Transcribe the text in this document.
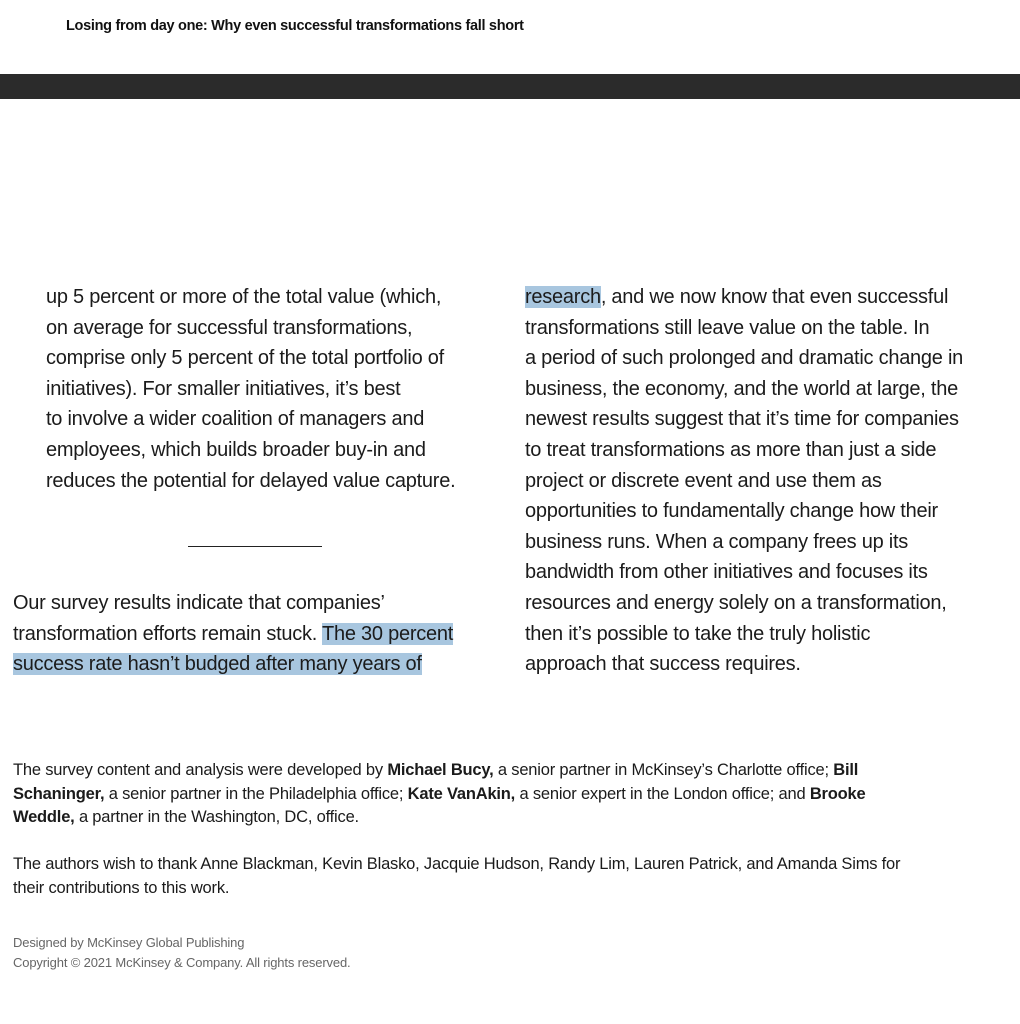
Losing from day one: Why even successful transformations fall short
up 5 percent or more of the total value (which,
on average for successful transformations,
comprise only 5 percent of the total portfolio of
initiatives). For smaller initiatives, it’s best
to involve a wider coalition of managers and
employees, which builds broader buy-in and
reduces the potential for delayed value capture.
Our survey results indicate that companies’
transformation efforts remain stuck. The 30 percent
success rate hasn’t budged after many years of
research, and we now know that even successful
transformations still leave value on the table. In
a period of such prolonged and dramatic change in
business, the economy, and the world at large, the
newest results suggest that it’s time for companies
to treat transformations as more than just a side
project or discrete event and use them as
opportunities to fundamentally change how their
business runs. When a company frees up its
bandwidth from other initiatives and focuses its
resources and energy solely on a transformation,
then it’s possible to take the truly holistic
approach that success requires.
The survey content and analysis were developed by Michael Bucy, a senior partner in McKinsey’s Charlotte office; Bill
Schaninger, a senior partner in the Philadelphia office; Kate VanAkin, a senior expert in the London office; and Brooke
Weddle, a partner in the Washington, DC, office.
The authors wish to thank Anne Blackman, Kevin Blasko, Jacquie Hudson, Randy Lim, Lauren Patrick, and Amanda Sims for
their contributions to this work.
Designed by McKinsey Global Publishing
Copyright © 2021 McKinsey & Company. All rights reserved.
